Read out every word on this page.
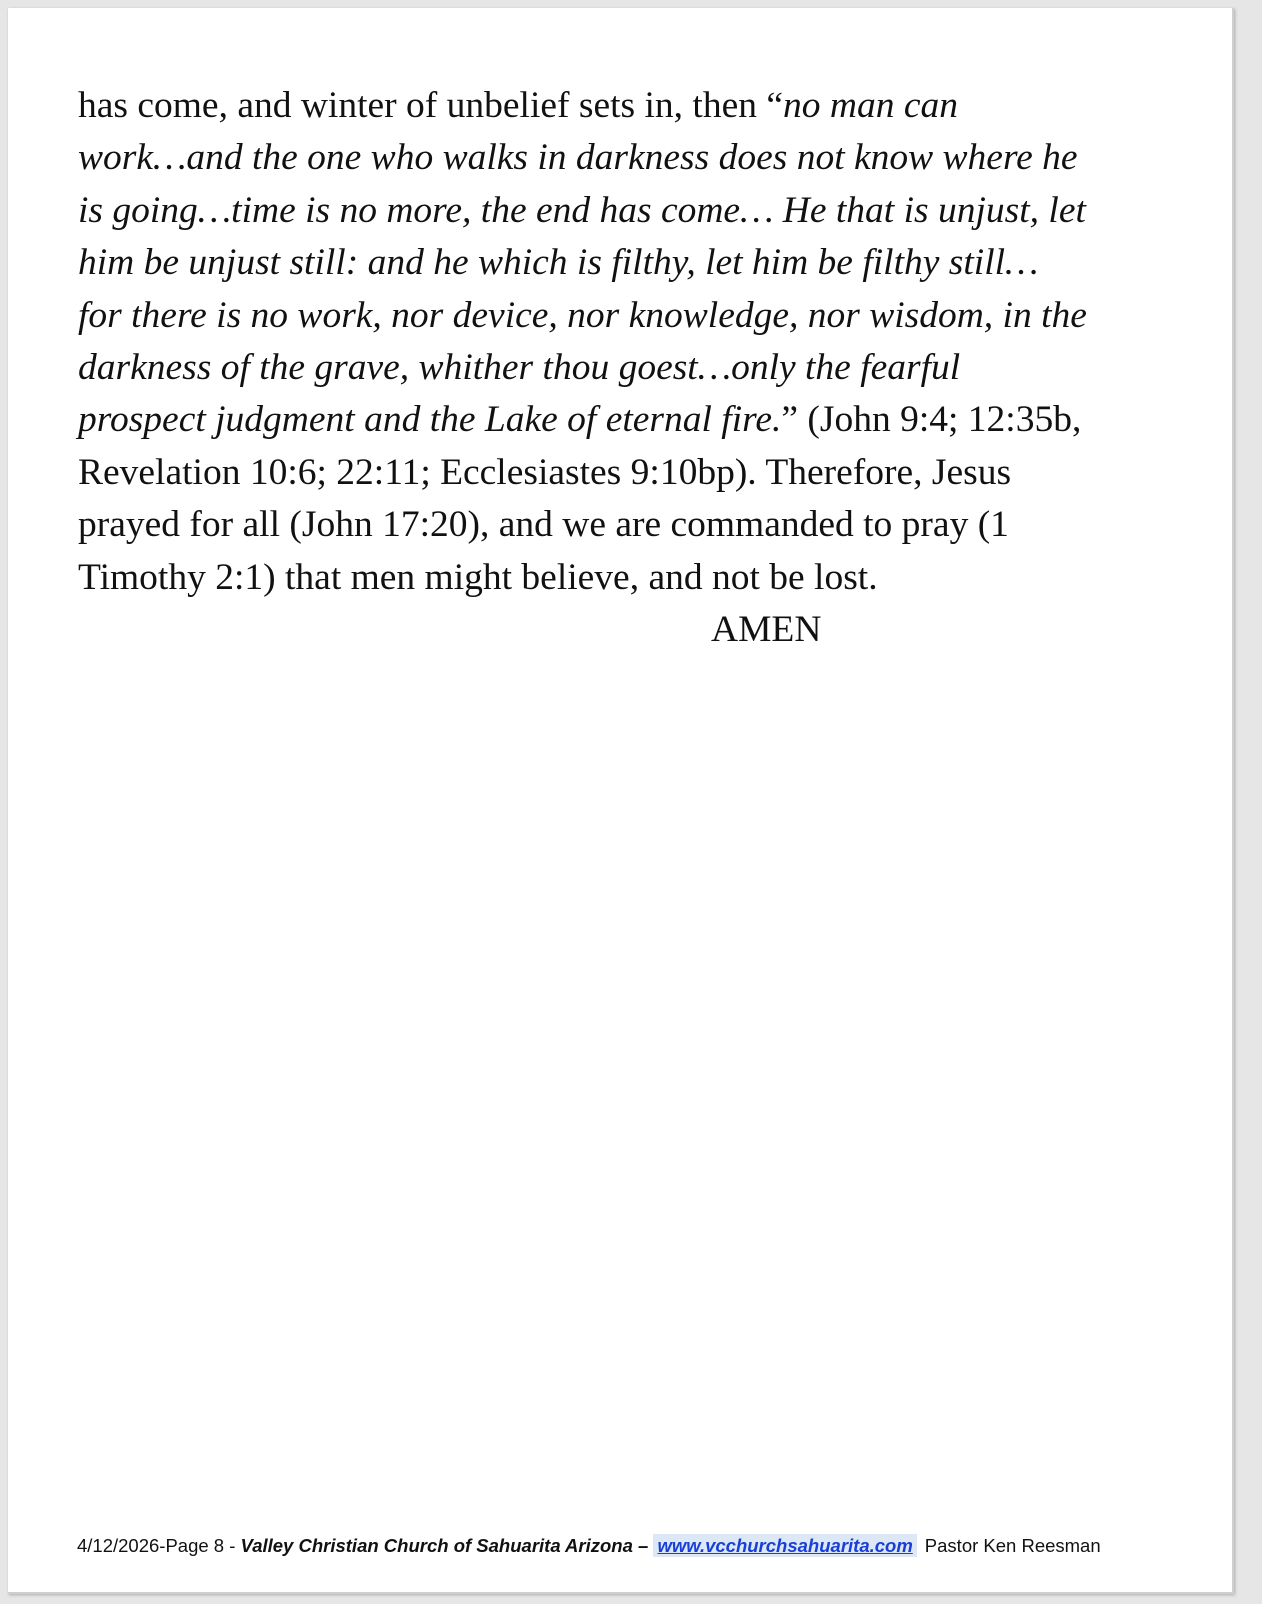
has come, and winter of unbelief sets in, then “no man can
work…and the one who walks in darkness does not know where he
is going…time is no more, the end has come… He that is unjust, let
him be unjust still: and he which is filthy, let him be filthy still…
for there is no work, nor device, nor knowledge, nor wisdom, in the
darkness of the grave, whither thou goest…only the fearful
prospect judgment and the Lake of eternal fire.” (John 9:4; 12:35b,
Revelation 10:6; 22:11; Ecclesiastes 9:10bp). Therefore, Jesus
prayed for all (John 17:20), and we are commanded to pray (1
Timothy 2:1) that men might believe, and not be lost.
AMEN
4/12/2026-Page 8 - Valley Christian Church of Sahuarita Arizona – www.vcchurchsahuarita.com Pastor Ken Reesman
